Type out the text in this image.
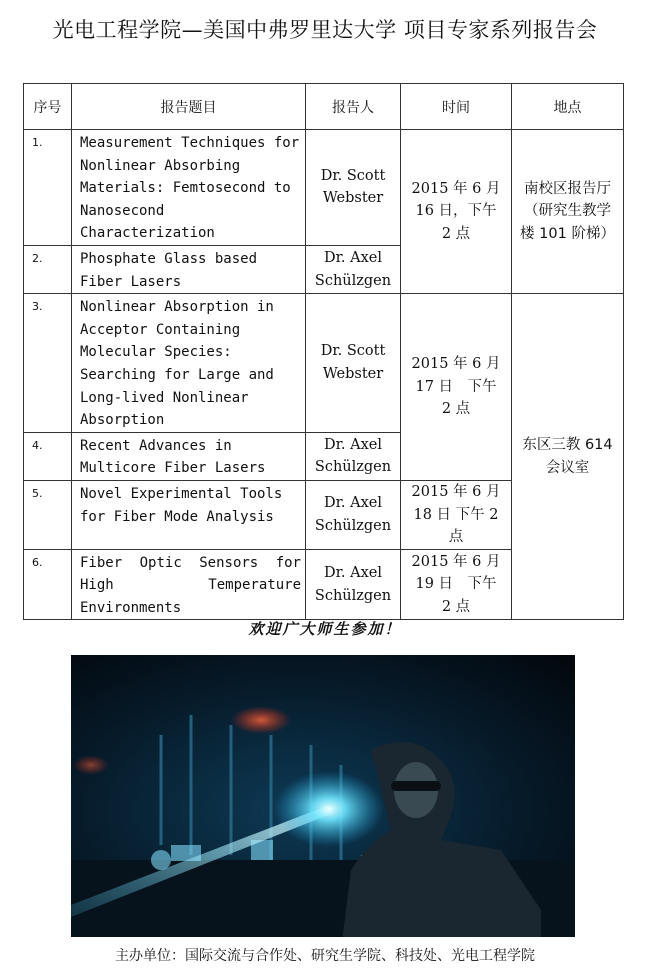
光电工程学院—美国中弗罗里达大学 项目专家系列报告会
序号	报告题目	报告人	时间	地点
1.	Measurement Techniques for Nonlinear Absorbing Materials: Femtosecond to Nanosecond Characterization	Dr. Scott Webster	2015 年 6 月 16 日，下午 2 点	南校区报告厅（研究生教学楼 101 阶梯）
2.	Phosphate Glass based Fiber Lasers	Dr. Axel Schülzgen		
3.	Nonlinear Absorption in Acceptor Containing Molecular Species: Searching for Large and Long-lived Nonlinear Absorption	Dr. Scott Webster	2015 年 6 月 17 日　下午 2 点	东区三教 614 会议室
4.	Recent Advances in Multicore Fiber Lasers	Dr. Axel Schülzgen		
5.	Novel Experimental Tools for Fiber Mode Analysis	Dr. Axel Schülzgen	2015 年 6 月 18 日 下午 2 点	
6.	Fiber Optic Sensors for High Temperature Environments	Dr. Axel Schülzgen	2015 年 6 月 19 日　下午 2 点	
欢迎广大师生参加！
主办单位：国际交流与合作处、研究生学院、科技处、光电工程学院
